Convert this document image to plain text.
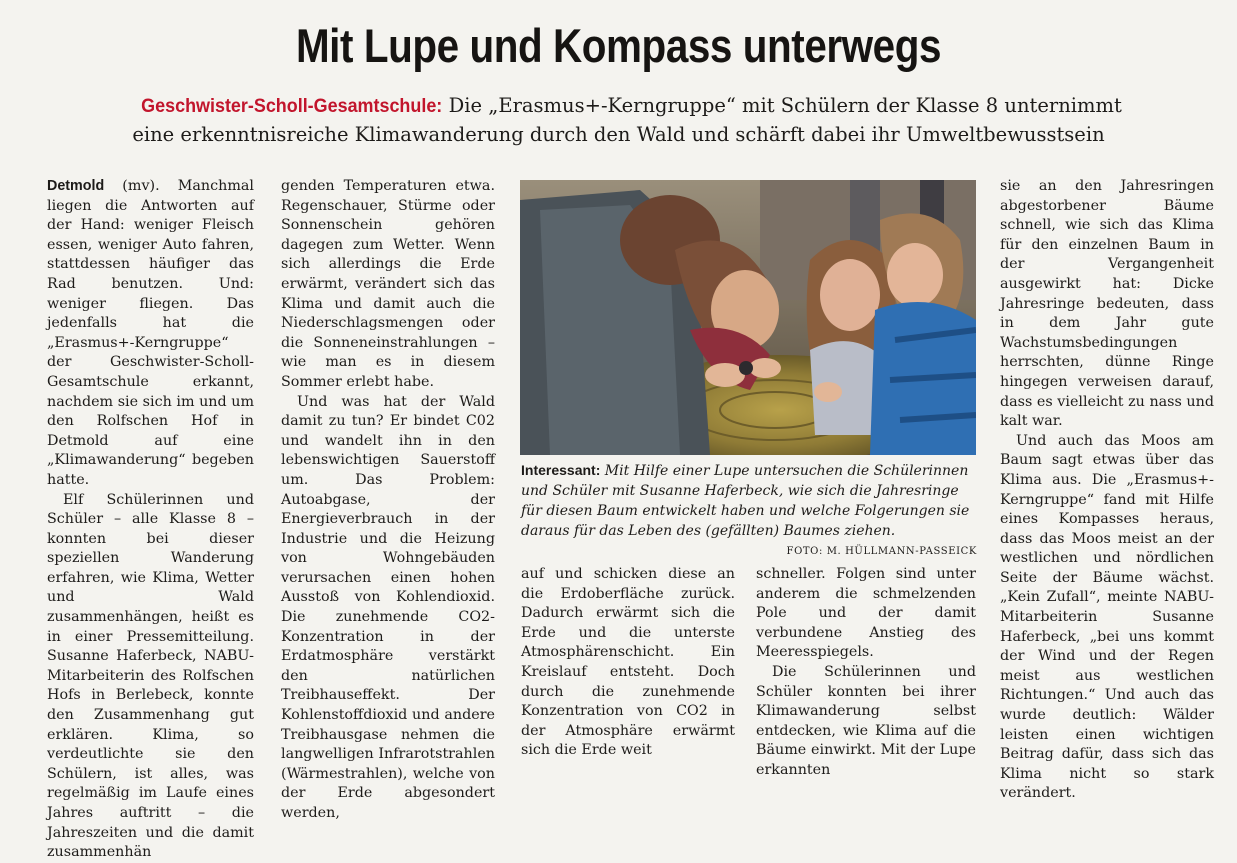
Mit Lupe und Kompass unterwegs
Geschwister-Scholl-Gesamtschule: Die „Erasmus+-Kerngruppe“ mit Schülern der Klasse 8 unternimmt
eine erkenntnisreiche Klimawanderung durch den Wald und schärft dabei ihr Umweltbewusstsein

Detmold (mv). Manchmal liegen die Antworten auf der Hand: weniger Fleisch essen, weniger Auto fahren, stattdessen häufiger das Rad benutzen. Und: weniger fliegen. Das jedenfalls hat die „Erasmus+-Kerngruppe“ der Geschwister-Scholl-Gesamtschule erkannt, nachdem sie sich im und um den Rolfschen Hof in Detmold auf eine „Klimawanderung“ begeben hatte.

Elf Schülerinnen und Schüler – alle Klasse 8 – konnten bei dieser speziellen Wanderung erfahren, wie Klima, Wetter und Wald zusammenhängen, heißt es in einer Pressemitteilung. Susanne Haferbeck, NABU-Mitarbeiterin des Rolfschen Hofs in Berlebeck, konnte den Zusammenhang gut erklären. Klima, so verdeutlichte sie den Schülern, ist alles, was regelmäßig im Laufe eines Jahres auftritt – die Jahreszeiten und die damit zusammenhän

genden Temperaturen etwa. Regenschauer, Stürme oder Sonnenschein gehören dagegen zum Wetter. Wenn sich allerdings die Erde erwärmt, verändert sich das Klima und damit auch die Niederschlagsmengen oder die Sonneneinstrahlungen – wie man es in diesem Sommer erlebt habe.

Und was hat der Wald damit zu tun? Er bindet C02 und wandelt ihn in den lebenswichtigen Sauerstoff um. Das Problem: Autoabgase, der Energieverbrauch in der Industrie und die Heizung von Wohngebäuden verursachen einen hohen Ausstoß von Kohlendioxid. Die zunehmende CO2-Konzentration in der Erdatmosphäre verstärkt den natürlichen Treibhauseffekt. Der Kohlenstoffdioxid und andere Treibhausgase nehmen die langwelligen Infrarotstrahlen (Wärmestrahlen), welche von der Erde abgesondert werden,

Interessant: Mit Hilfe einer Lupe untersuchen die Schülerinnen und Schüler mit Susanne Haferbeck, wie sich die Jahresringe für diesen Baum entwickelt haben und welche Folgerungen sie daraus für das Leben des (gefällten) Baumes ziehen.
FOTO: M. HÜLLMANN-PASSEICK

auf und schicken diese an die Erdoberfläche zurück. Dadurch erwärmt sich die Erde und die unterste Atmosphärenschicht. Ein Kreislauf entsteht. Doch durch die zunehmende Konzentration von CO2 in der Atmosphäre erwärmt sich die Erde weit

schneller. Folgen sind unter anderem die schmelzenden Pole und der damit verbundene Anstieg des Meeresspiegels.

Die Schülerinnen und Schüler konnten bei ihrer Klimawanderung selbst entdecken, wie Klima auf die Bäume einwirkt. Mit der Lupe erkannten

sie an den Jahresringen abgestorbener Bäume schnell, wie sich das Klima für den einzelnen Baum in der Vergangenheit ausgewirkt hat: Dicke Jahresringe bedeuten, dass in dem Jahr gute Wachstumsbedingungen herrschten, dünne Ringe hingegen verweisen darauf, dass es vielleicht zu nass und kalt war.

Und auch das Moos am Baum sagt etwas über das Klima aus. Die „Erasmus+-Kerngruppe“ fand mit Hilfe eines Kompasses heraus, dass das Moos meist an der westlichen und nördlichen Seite der Bäume wächst. „Kein Zufall“, meinte NABU-Mitarbeiterin Susanne Haferbeck, „bei uns kommt der Wind und der Regen meist aus westlichen Richtungen.“ Und auch das wurde deutlich: Wälder leisten einen wichtigen Beitrag dafür, dass sich das Klima nicht so stark verändert.
